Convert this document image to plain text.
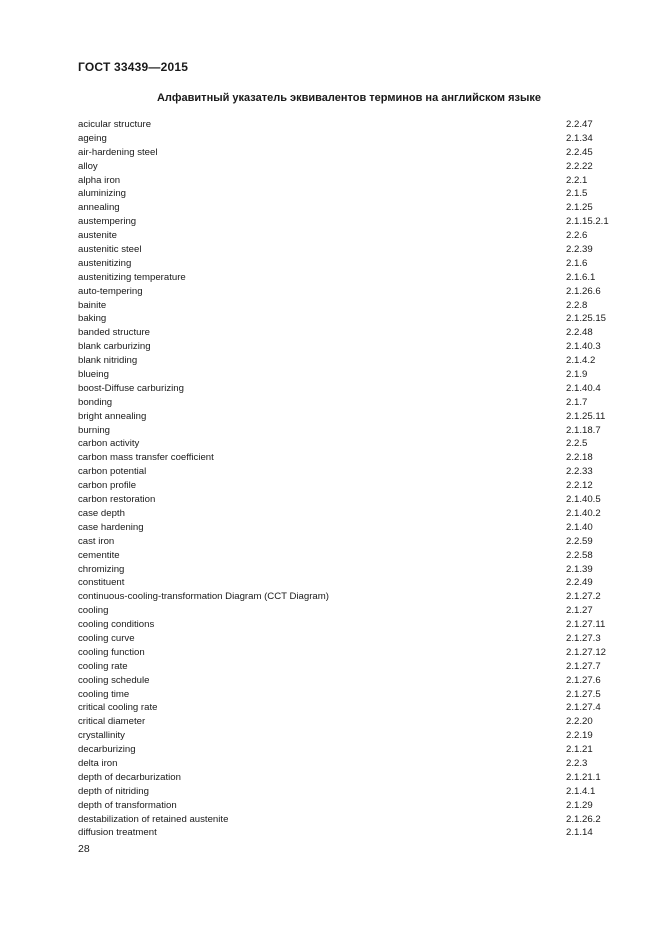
ГОСТ 33439—2015

Алфавитный указатель эквивалентов терминов на английском языке

acicular structure	2.2.47
ageing	2.1.34
air-hardening steel	2.2.45
alloy	2.2.22
alpha iron	2.2.1
aluminizing	2.1.5
annealing	2.1.25
austempering	2.1.15.2.1
austenite	2.2.6
austenitic steel	2.2.39
austenitizing	2.1.6
austenitizing temperature	2.1.6.1
auto-tempering	2.1.26.6
bainite	2.2.8
baking	2.1.25.15
banded structure	2.2.48
blank carburizing	2.1.40.3
blank nitriding	2.1.4.2
blueing	2.1.9
boost-Diffuse carburizing	2.1.40.4
bonding	2.1.7
bright annealing	2.1.25.11
burning	2.1.18.7
carbon activity	2.2.5
carbon mass transfer coefficient	2.2.18
carbon potential	2.2.33
carbon profile	2.2.12
carbon restoration	2.1.40.5
case depth	2.1.40.2
case hardening	2.1.40
cast iron	2.2.59
cementite	2.2.58
chromizing	2.1.39
constituent	2.2.49
continuous-cooling-transformation Diagram (CCT Diagram)	2.1.27.2
cooling	2.1.27
cooling conditions	2.1.27.11
cooling curve	2.1.27.3
cooling function	2.1.27.12
cooling rate	2.1.27.7
cooling schedule	2.1.27.6
cooling time	2.1.27.5
critical cooling rate	2.1.27.4
critical diameter	2.2.20
crystallinity	2.2.19
decarburizing	2.1.21
delta iron	2.2.3
depth of decarburization	2.1.21.1
depth of nitriding	2.1.4.1
depth of transformation	2.1.29
destabilization of retained austenite	2.1.26.2
diffusion treatment	2.1.14

28
